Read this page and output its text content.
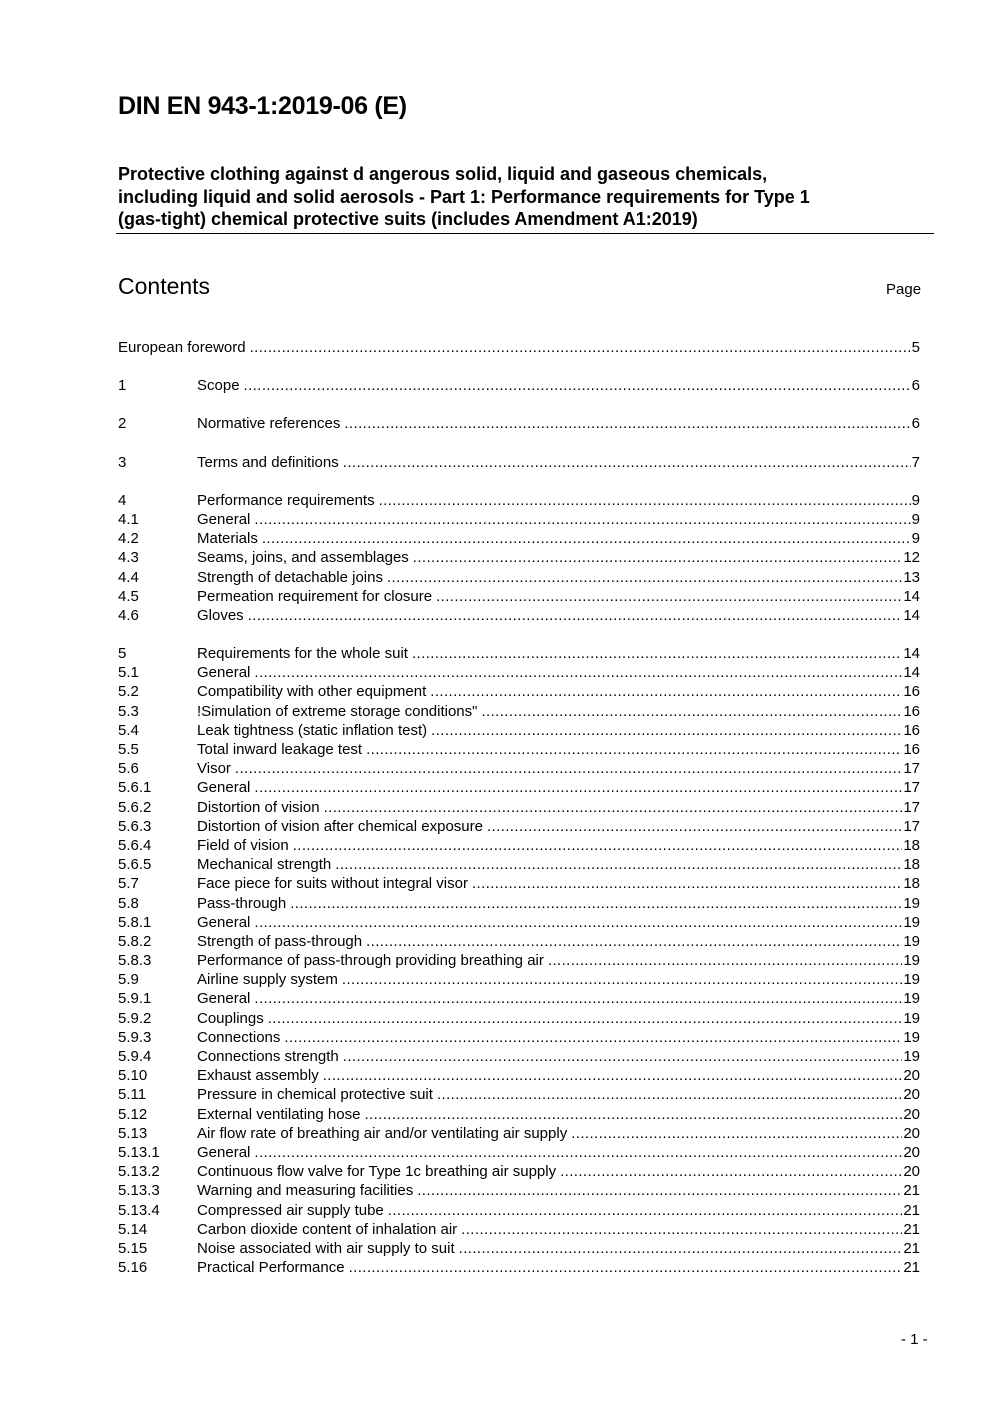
DIN EN 943-1:2019-06 (E)
Protective clothing against d angerous solid, liquid and gaseous chemicals,
including liquid and solid aerosols - Part 1: Performance requirements for Type 1
(gas-tight) chemical protective suits (includes Amendment A1:2019)
Contents	Page
European foreword .....	5
1	Scope .....	6
2	Normative references .....	6
3	Terms and definitions .....	7
4	Performance requirements .....	9
4.1	General .....	9
4.2	Materials .....	9
4.3	Seams, joins, and assemblages .....	12
4.4	Strength of detachable joins .....	13
4.5	Permeation requirement for closure .....	14
4.6	Gloves .....	14
5	Requirements for the whole suit .....	14
5.1	General .....	14
5.2	Compatibility with other equipment .....	16
5.3	!Simulation of extreme storage conditions" .....	16
5.4	Leak tightness (static inflation test) .....	16
5.5	Total inward leakage test .....	16
5.6	Visor .....	17
5.6.1	General .....	17
5.6.2	Distortion of vision .....	17
5.6.3	Distortion of vision after chemical exposure .....	17
5.6.4	Field of vision .....	18
5.6.5	Mechanical strength .....	18
5.7	Face piece for suits without integral visor .....	18
5.8	Pass-through .....	19
5.8.1	General .....	19
5.8.2	Strength of pass-through .....	19
5.8.3	Performance of pass-through providing breathing air .....	19
5.9	Airline supply system .....	19
5.9.1	General .....	19
5.9.2	Couplings .....	19
5.9.3	Connections .....	19
5.9.4	Connections strength .....	19
5.10	Exhaust assembly .....	20
5.11	Pressure in chemical protective suit .....	20
5.12	External ventilating hose .....	20
5.13	Air flow rate of breathing air and/or ventilating air supply .....	20
5.13.1	General .....	20
5.13.2	Continuous flow valve for Type 1c breathing air supply .....	20
5.13.3	Warning and measuring facilities .....	21
5.13.4	Compressed air supply tube .....	21
5.14	Carbon dioxide content of inhalation air .....	21
5.15	Noise associated with air supply to suit .....	21
5.16	Practical Performance .....	21
- 1 -
